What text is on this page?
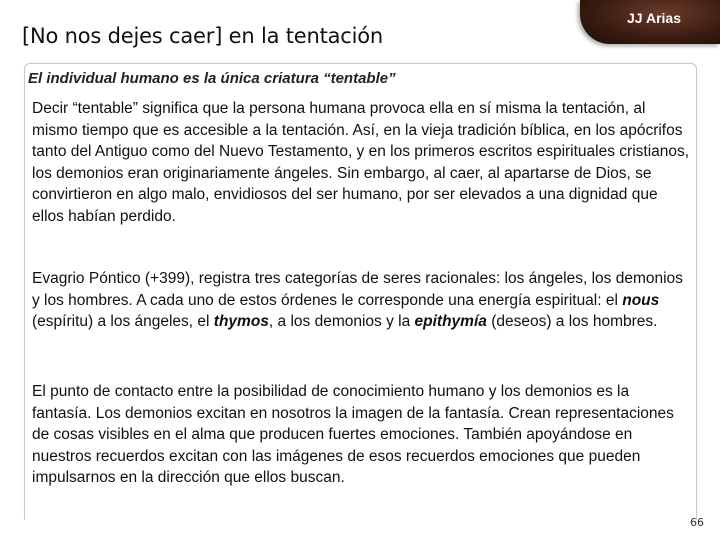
[No nos dejes caer] en la tentación
JJ Arias
El individual humano es la única criatura “tentable”

Decir “tentable” significa que la persona humana provoca ella en sí misma la tentación, al mismo tiempo que es accesible a la tentación. Así, en la vieja tradición bíblica, en los apócrifos tanto del Antiguo como del Nuevo Testamento, y en los primeros escritos espirituales cristianos, los demonios eran originariamente ángeles. Sin embargo, al caer, al apartarse de Dios, se convirtieron en algo malo, envidiosos del ser humano, por ser elevados a una dignidad que ellos habían perdido.

Evagrio Póntico (+399), registra tres categorías de seres racionales: los ángeles, los demonios y los hombres. A cada uno de estos órdenes le corresponde una energía espiritual: el nous (espíritu) a los ángeles, el thymos, a los demonios y la epithymía (deseos) a los hombres.

El punto de contacto entre la posibilidad de conocimiento humano y los demonios es la fantasía. Los demonios excitan en nosotros la imagen de la fantasía. Crean representaciones de cosas visibles en el alma que producen fuertes emociones. También apoyándose en nuestros recuerdos excitan con las imágenes de esos recuerdos emociones que pueden impulsarnos en la dirección que ellos buscan.

66
